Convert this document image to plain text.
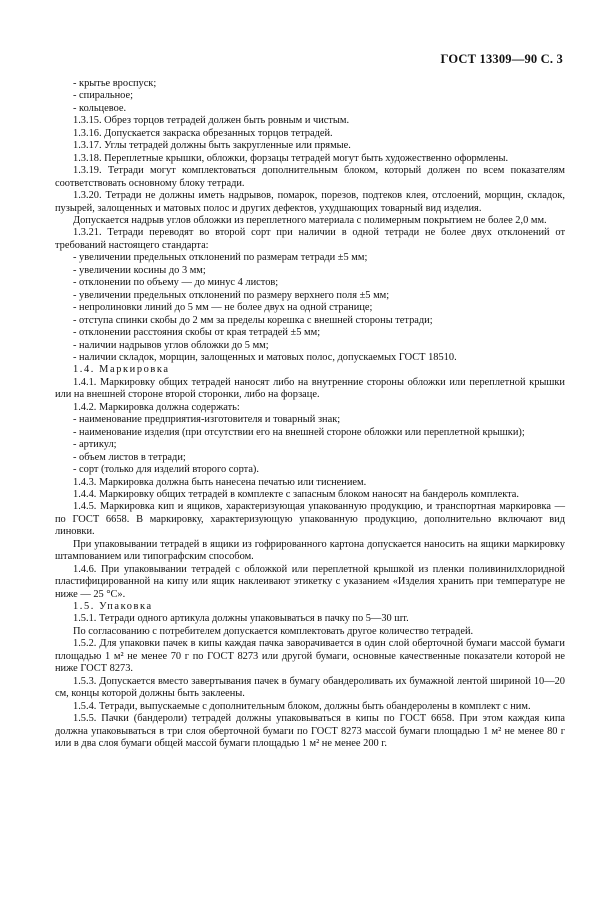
ГОСТ 13309—90 С. 3

- крытье вроспуск;

- спиральное;

- кольцевое.

1.3.15. Обрез торцов тетрадей должен быть ровным и чистым.

1.3.16. Допускается закраска обрезанных торцов тетрадей.

1.3.17. Углы тетрадей должны быть закругленные или прямые.

1.3.18. Переплетные крышки, обложки, форзацы тетрадей могут быть художественно оформлены.

1.3.19. Тетради могут комплектоваться дополнительным блоком, который должен по всем показателям соответствовать основному блоку тетради.

1.3.20. Тетради не должны иметь надрывов, помарок, порезов, подтеков клея, отслоений, морщин, складок, пузырей, залощенных и матовых полос и других дефектов, ухудшающих товарный вид изделия.

Допускается надрыв углов обложки из переплетного материала с полимерным покрытием не более 2,0 мм.

1.3.21. Тетради переводят во второй сорт при наличии в одной тетради не более двух отклонений от требований настоящего стандарта:

- увеличении предельных отклонений по размерам тетради ±5 мм;

- увеличении косины до 3 мм;

- отклонении по объему — до минус 4 листов;

- увеличении предельных отклонений по размеру верхнего поля ±5 мм;

- непролиновки линий до 5 мм — не более двух на одной странице;

- отступа спинки скобы до 2 мм за пределы корешка с внешней стороны тетради;

- отклонении расстояния скобы от края тетрадей ±5 мм;

- наличии надрывов углов обложки до 5 мм;

- наличии складок, морщин, залощенных и матовых полос, допускаемых ГОСТ 18510.

1.4. Маркировка

1.4.1. Маркировку общих тетрадей наносят либо на внутренние стороны обложки или переплетной крышки или на внешней стороне второй сторонки, либо на форзаце.

1.4.2. Маркировка должна содержать:

- наименование предприятия-изготовителя и товарный знак;

- наименование изделия (при отсутствии его на внешней стороне обложки или переплетной крышки);

- артикул;

- объем листов в тетради;

- сорт (только для изделий второго сорта).

1.4.3. Маркировка должна быть нанесена печатью или тиснением.

1.4.4. Маркировку общих тетрадей в комплекте с запасным блоком наносят на бандероль комплекта.

1.4.5. Маркировка кип и ящиков, характеризующая упакованную продукцию, и транспортная маркировка — по ГОСТ 6658. В маркировку, характеризующую упакованную продукцию, дополнительно включают вид линовки.

При упаковывании тетрадей в ящики из гофрированного картона допускается наносить на ящики маркировку штампованием или типографским способом.

1.4.6. При упаковывании тетрадей с обложкой или переплетной крышкой из пленки поливинилхлоридной пластифицированной на кипу или ящик наклеивают этикетку с указанием «Изделия хранить при температуре не ниже — 25 °С».

1.5. Упаковка

1.5.1. Тетради одного артикула должны упаковываться в пачку по 5—30 шт.

По согласованию с потребителем допускается комплектовать другое количество тетрадей.

1.5.2. Для упаковки пачек в кипы каждая пачка заворачивается в один слой оберточной бумаги массой бумаги площадью 1 м² не менее 70 г по ГОСТ 8273 или другой бумаги, основные качественные показатели которой не ниже ГОСТ 8273.

1.5.3. Допускается вместо завертывания пачек в бумагу обандероливать их бумажной лентой шириной 10—20 см, концы которой должны быть заклеены.

1.5.4. Тетради, выпускаемые с дополнительным блоком, должны быть обандеролены в комплект с ним.

1.5.5. Пачки (бандероли) тетрадей должны упаковываться в кипы по ГОСТ 6658. При этом каждая кипа должна упаковываться в три слоя оберточной бумаги по ГОСТ 8273 массой бумаги площадью 1 м² не менее 80 г или в два слоя бумаги общей массой бумаги площадью 1 м² не менее 200 г.
